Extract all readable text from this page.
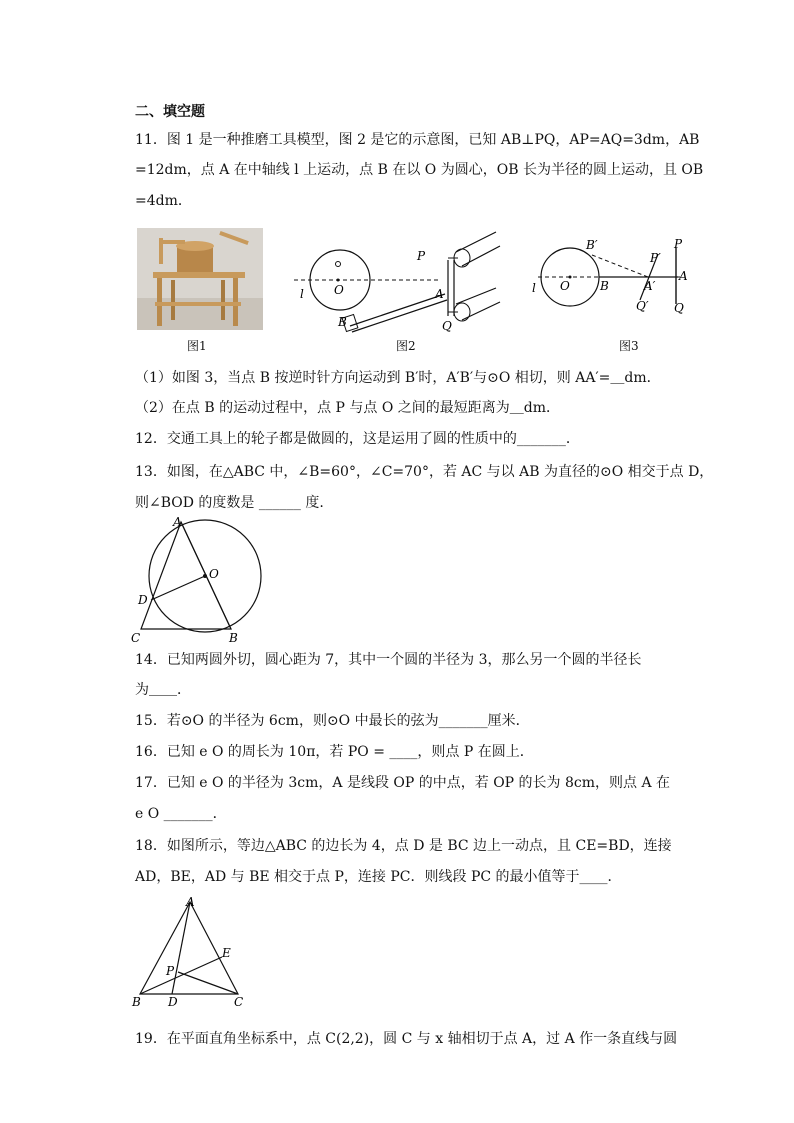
二、填空题
11．图 1 是一种推磨工具模型，图 2 是它的示意图，已知 AB⊥PQ，AP=AQ=3dm，AB
=12dm，点 A 在中轴线 l 上运动，点 B 在以 O 为圆心，OB 长为半径的圆上运动，且 OB
=4dm．
图1
P
A
Q
B
O
l
图2
B′
P′
P
A
O	B	A′
Q′ Q
l
图3
（1）如图 3，当点 B 按逆时针方向运动到 B′时，A′B′与⊙O 相切，则 AA′=＿dm．
（2）在点 B 的运动过程中，点 P 与点 O 之间的最短距离为＿dm．
12．交通工具上的轮子都是做圆的，这是运用了圆的性质中的_______．
13．如图，在△ABC 中，∠B=60°，∠C=70°，若 AC 与以 AB 为直径的⊙O 相交于点 D，
则∠BOD 的度数是 ______ 度.
A
O
D
C	B
14．已知两圆外切，圆心距为 7，其中一个圆的半径为 3，那么另一个圆的半径长
为＿＿．
15．若⊙O 的半径为 6cm，则⊙O 中最长的弦为_______厘米．
16．已知 e O 的周长为 10π，若 PO = ____，则点 P 在圆上．
17．已知 e O 的半径为 3cm，A 是线段 OP 的中点，若 OP 的长为 8cm，则点 A 在
e O _______．
18．如图所示，等边△ABC 的边长为 4，点 D 是 BC 边上一动点，且 CE=BD，连接
AD，BE，AD 与 BE 相交于点 P，连接 PC．则线段 PC 的最小值等于____．
A
E
P
B D	C
19．在平面直角坐标系中，点 C(2,2)，圆 C 与 x 轴相切于点 A，过 A 作一条直线与圆
